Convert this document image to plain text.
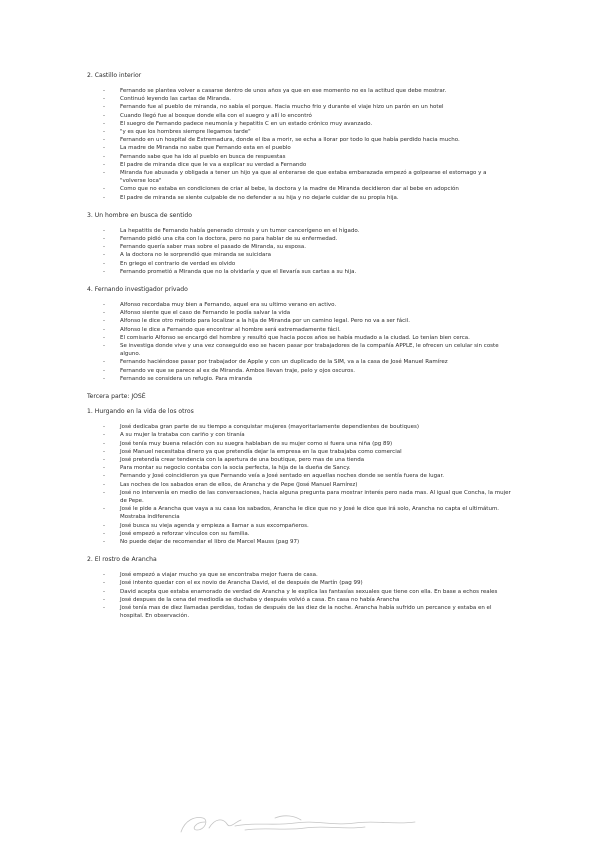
2. Castillo interior
- Fernando se plantea volver a casarse dentro de unos años ya que en ese momento no es la actitud que debe mostrar.
- Continuó leyendo las cartas de Miranda.
- Fernando fue al pueblo de miranda, no sabía el porque. Hacia mucho frio y durante el viaje hizo un parón en un hotel
- Cuando llegó fue al bosque donde ella con el suegro y allí lo encontró
- El suegro de Fernando padece neumonía y hepatitis C en un estado crónico muy avanzado.
- "y es que los hombres siempre llegamos tarde"
- Fernando en un hospital de Extremadura, donde el iba a morir, se echa a llorar por todo lo que había perdido hacia mucho.
- La madre de Miranda no sabe que Fernando esta en el pueblo
- Fernando sabe que ha ido al pueblo en busca de respuestas
- El padre de miranda dice que le va a explicar su verdad a Fernando
- Miranda fue abusada y obligada a tener un hijo ya que al enterarse de que estaba embarazada empezó a golpearse el estomago y a "volverse loca"
- Como que no estaba en condiciones de criar al bebe, la doctora y la madre de Miranda decidieron dar al bebe en adopción
- El padre de miranda se siente culpable de no defender a su hija y no dejarle cuidar de su propia hija.
3. Un hombre en busca de sentido
- La hepatitis de Fernando había generado cirrosis y un tumor cancerígeno en el hígado.
- Fernando pidió una cita con la doctora, pero no para hablar de su enfermedad.
- Fernando quería saber mas sobre el pasado de Miranda, su esposa.
- A la doctora no le sorprendió que miranda se suicidara
- En griego el contrario de verdad es olvido
- Fernando prometió a Miranda que no la olvidaría y que el llevaría sus cartas a su hija.
4. Fernando investigador privado
- Alfonso recordaba muy bien a Fernando, aquel era su ultimo verano en activo.
- Alfonso siente que el caso de Fernando le podía salvar la vida
- Alfonso le dice otro método para localizar a la hija de Miranda por un camino legal. Pero no va a ser fácil.
- Alfonso le dice a Fernando que encontrar al hombre será extremadamente fácil.
- El comisario Alfonso se encargó del hombre y resultó que hacia pocos años se había mudado a la ciudad. Lo tenían bien cerca.
- Se investiga donde vive y una vez conseguido eso se hacen pasar por trabajadores de la compañía APPLE, le ofrecen un celular sin coste alguno.
- Fernando haciéndose pasar por trabajador de Apple y con un duplicado de la SIM, va a la casa de José Manuel Ramírez
- Fernando ve que se parece al ex de Miranda. Ambos llevan traje, pelo y ojos oscuros.
- Fernando se considera un refugio. Para miranda
Tercera parte: JOSÉ
1. Hurgando en la vida de los otros
- José dedicaba gran parte de su tiempo a conquistar mujeres (mayoritariamente dependientes de boutiques)
- A su mujer la trataba con cariño y con tiranía
- José tenía muy buena relación con su suegra hablaban de su mujer como si fuera una niña (pg 89)
- José Manuel necesitaba dinero ya que pretendía dejar la empresa en la que trabajaba como comercial
- José pretendía crear tendencia con la apertura de una boutique, pero mas de una tienda
- Para montar su negocio contaba con la socia perfecta, la hija de la dueña de Sancy.
- Fernando y José coincidieron ya que Fernando veía a José sentado en aquellas noches donde se sentía fuera de lugar.
- Las noches de los sabados eran de ellos, de Arancha y de Pepe (José Manuel Ramírez)
- José no intervenía en medio de las conversaciones, hacia alguna pregunta para mostrar interés pero nada mas. Al igual que Concha, la mujer de Pepe.
- José le pide a Arancha que vaya a su casa los sabados, Arancha le dice que no y José le dice que irá solo, Arancha no capta el ultimátum. Mostraba indiferencia
- José busca su vieja agenda y empieza a llamar a sus excompañeros.
- José empezó a reforzar vínculos con su familia.
- No puede dejar de recomendar el libro de Marcel Mauss (pag 97)
2. El rostro de Arancha
- José empezó a viajar mucho ya que se encontraba mejor fuera de casa.
- José intento quedar con el ex novio de Arancha David, el de después de Martín (pag 99)
- David acepta que estaba enamorado de verdad de Arancha y le explica las fantasías sexuales que tiene con ella. En base a echos reales
- José despues de la cena del mediodía se duchaba y después volvió a casa. En casa no había Arancha
- José tenía mas de diez llamadas perdidas, todas de después de las diez de la noche. Arancha había sufrido un percance y estaba en el hospital. En observación.
